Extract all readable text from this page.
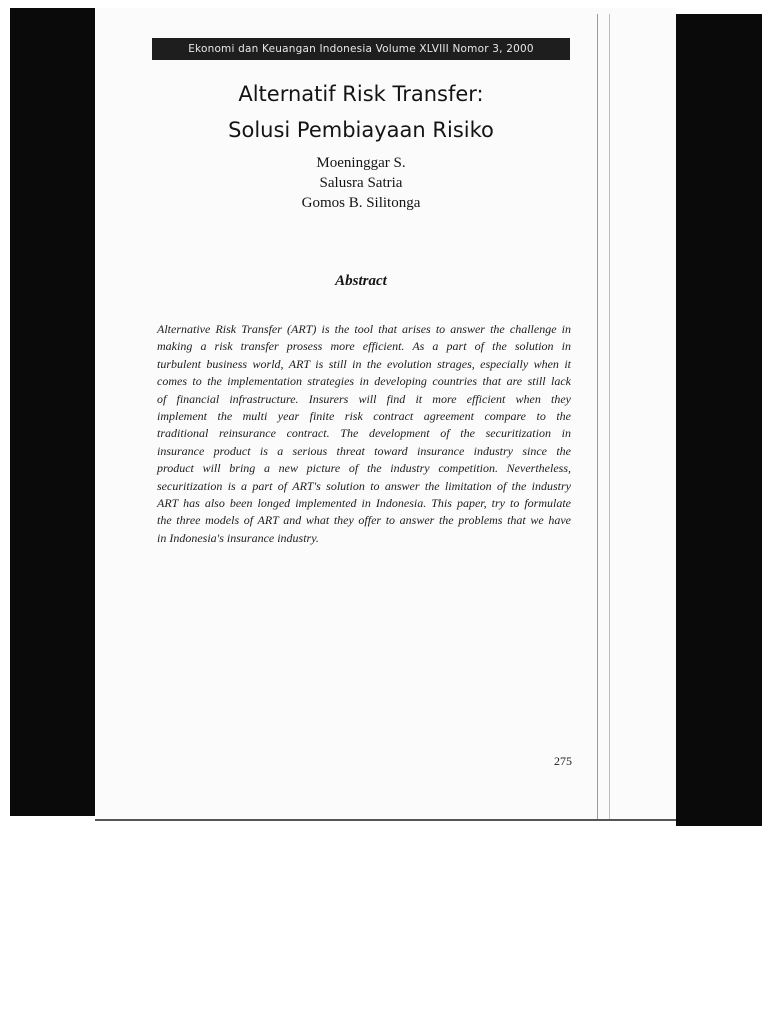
Ekonomi dan Keuangan Indonesia Volume XLVIII Nomor 3, 2000
Alternatif Risk Transfer:
Solusi Pembiayaan Risiko
Moeninggar S.
Salusra Satria
Gomos B. Silitonga
Abstract
Alternative Risk Transfer (ART) is the tool that arises to answer the challenge in
making a risk transfer prosess more efficient. As a part of the solution in
turbulent business world, ART is still in the evolution strages, especially when it
comes to the implementation strategies in developing countries that are still lack
of financial infrastructure. Insurers will find it more efficient when they
implement the multi year finite risk contract agreement compare to the
traditional reinsurance contract. The development of the securitization in
insurance product is a serious threat toward insurance industry since the
product will bring a new picture of the industry competition. Nevertheless,
securitization is a part of ART's solution to answer the limitation of the industry
ART has also been longed implemented in Indonesia. This paper, try to formulate
the three models of ART and what they offer to answer the problems that we have
in Indonesia's insurance industry.
275
